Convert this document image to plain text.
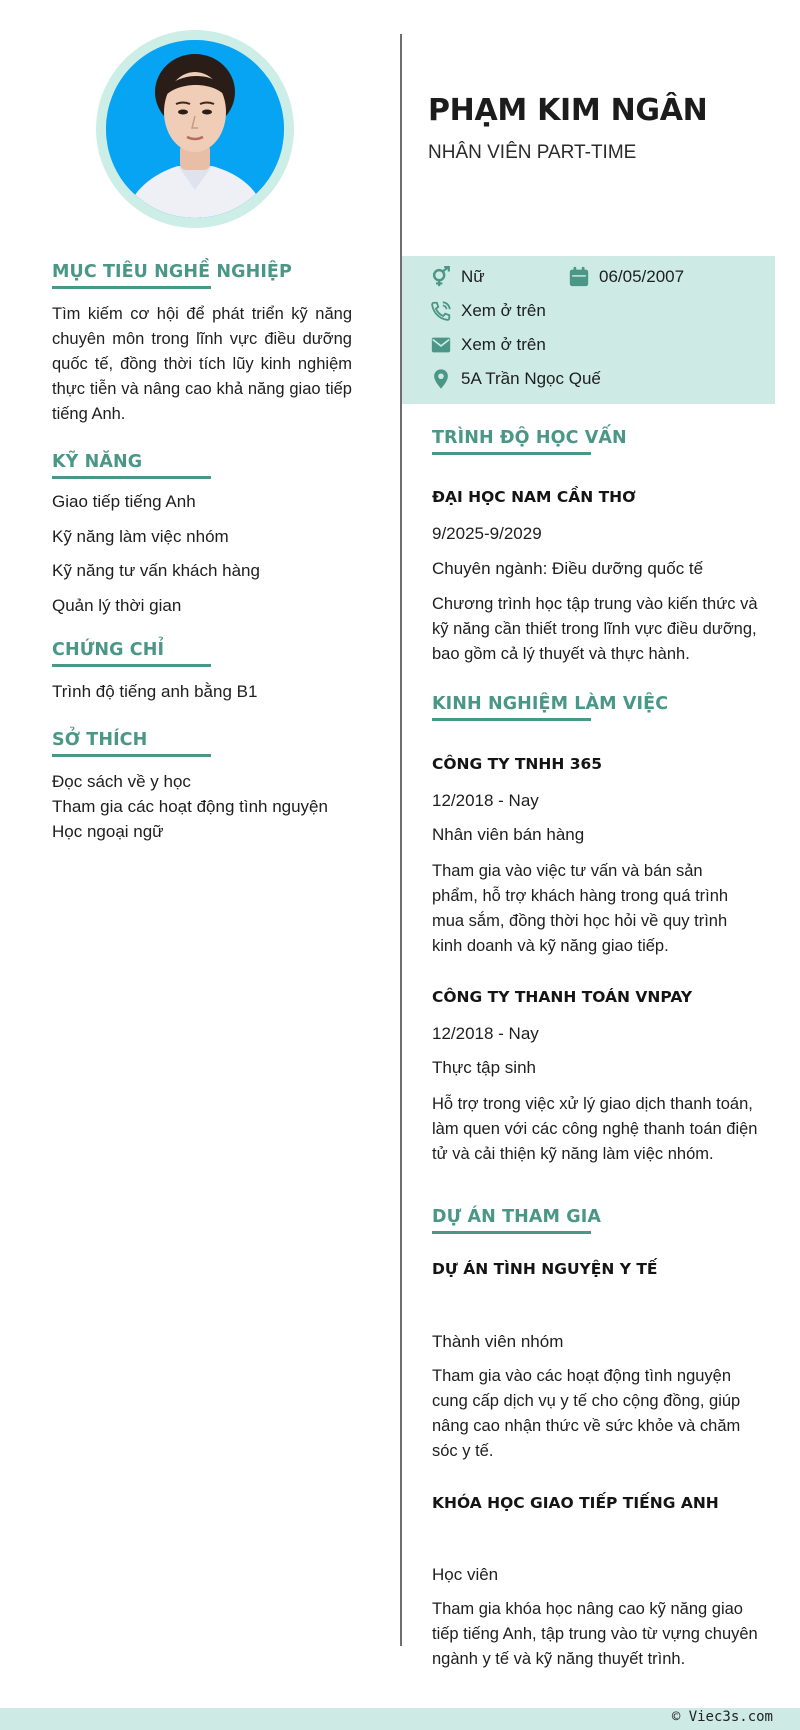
MỤC TIÊU NGHỀ NGHIỆP
Tìm kiếm cơ hội để phát triển kỹ năng chuyên môn trong lĩnh vực điều dưỡng quốc tế, đồng thời tích lũy kinh nghiệm thực tiễn và nâng cao khả năng giao tiếp tiếng Anh.
KỸ NĂNG
Giao tiếp tiếng Anh
Kỹ năng làm việc nhóm
Kỹ năng tư vấn khách hàng
Quản lý thời gian
CHỨNG CHỈ
Trình độ tiếng anh bằng B1
SỞ THÍCH
Đọc sách về y học
Tham gia các hoạt động tình nguyện
Học ngoại ngữ
PHẠM KIM NGÂN
NHÂN VIÊN PART-TIME
Nữ	06/05/2007
Xem ở trên
Xem ở trên
5A Trần Ngọc Quế
TRÌNH ĐỘ HỌC VẤN
ĐẠI HỌC NAM CẦN THƠ
9/2025-9/2029
Chuyên ngành: Điều dưỡng quốc tế
Chương trình học tập trung vào kiến thức và kỹ năng cần thiết trong lĩnh vực điều dưỡng, bao gồm cả lý thuyết và thực hành.
KINH NGHIỆM LÀM VIỆC
CÔNG TY TNHH 365
12/2018 - Nay
Nhân viên bán hàng
Tham gia vào việc tư vấn và bán sản phẩm, hỗ trợ khách hàng trong quá trình mua sắm, đồng thời học hỏi về quy trình kinh doanh và kỹ năng giao tiếp.
CÔNG TY THANH TOÁN VNPAY
12/2018 - Nay
Thực tập sinh
Hỗ trợ trong việc xử lý giao dịch thanh toán, làm quen với các công nghệ thanh toán điện tử và cải thiện kỹ năng làm việc nhóm.
DỰ ÁN THAM GIA
DỰ ÁN TÌNH NGUYỆN Y TẾ
Thành viên nhóm
Tham gia vào các hoạt động tình nguyện cung cấp dịch vụ y tế cho cộng đồng, giúp nâng cao nhận thức về sức khỏe và chăm sóc y tế.
KHÓA HỌC GIAO TIẾP TIẾNG ANH
Học viên
Tham gia khóa học nâng cao kỹ năng giao tiếp tiếng Anh, tập trung vào từ vựng chuyên ngành y tế và kỹ năng thuyết trình.
© Viec3s.com
